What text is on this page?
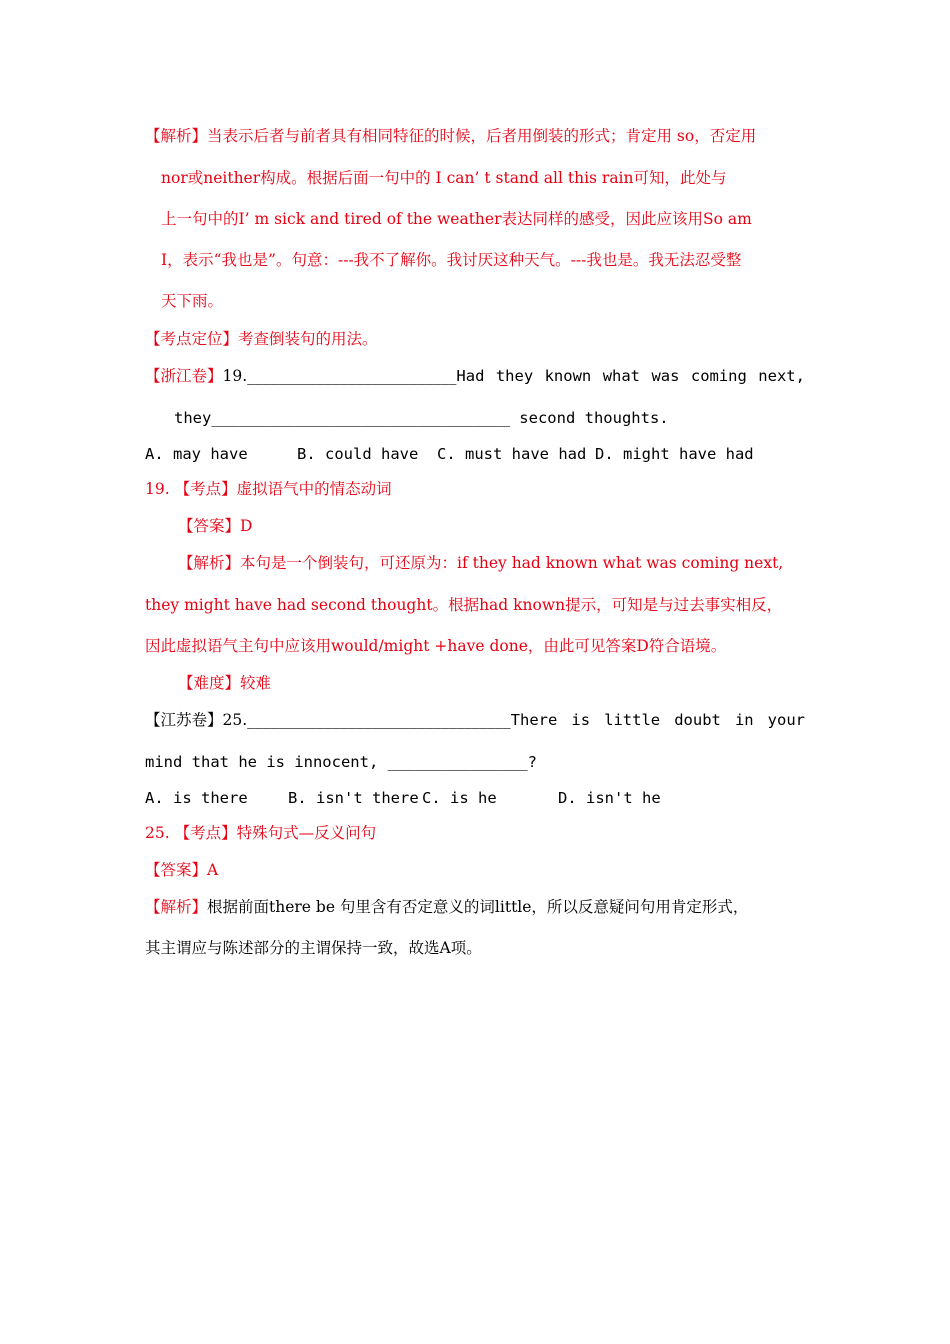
【解析】当表示后者与前者具有相同特征的时候，后者用倒装的形式；肯定用 so，否定用
nor或neither构成。根据后面一句中的 I can’ t stand all this rain可知，此处与
上一句中的I’ m sick and tired of the weather表达同样的感受，因此应该用So am
I，表示“我也是”。句意：---我不了解你。我讨厌这种天气。---我也是。我无法忍受整
天下雨。
【考点定位】考查倒装句的用法。
【浙江卷】 19. ___________________________ Had they known what was coming next,
they________________________________ second thoughts.
A. may have	B. could have C. must have had D. might have had
19. 【考点】虚拟语气中的情态动词
【答案】D
【解析】本句是一个倒装句，可还原为：if they had known what was coming next,
they might have had second thought。根据had known提示，可知是与过去事实相反，
因此虚拟语气主句中应该用would/might +have done，由此可见答案D符合语境。
【难度】较难
【江苏卷】 25. __________________________________ There is little doubt in your
mind that he is innocent, _______________?
A. is there	B. isn't there C. is he	D. isn't he
25. 【考点】特殊句式—反义问句
【答案】A
【解析】根据前面there be 句里含有否定意义的词little，所以反意疑问句用肯定形式，
其主谓应与陈述部分的主谓保持一致，故选A项。
